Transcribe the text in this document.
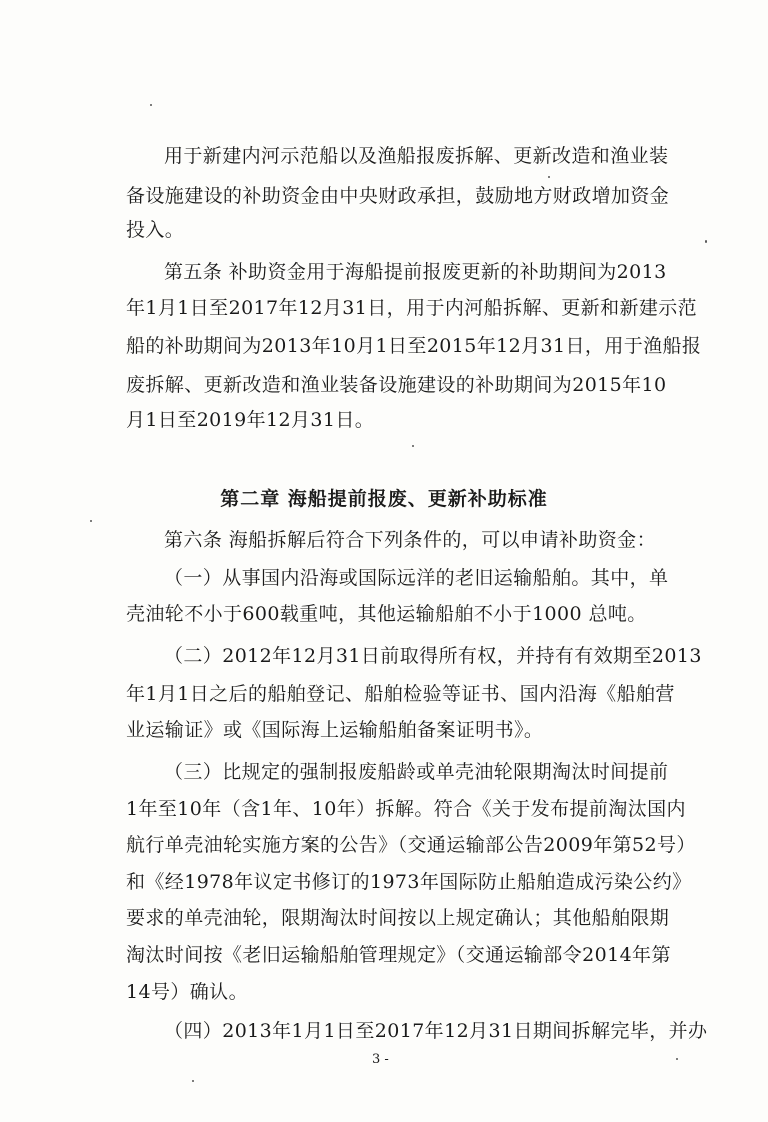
用于新建内河示范船以及渔船报废拆解、更新改造和渔业装
备设施建设的补助资金由中央财政承担，鼓励地方财政增加资金
投入。
第五条 补助资金用于海船提前报废更新的补助期间为2013
年1月1日至2017年12月31日，用于内河船拆解、更新和新建示范
船的补助期间为2013年10月1日至2015年12月31日，用于渔船报
废拆解、更新改造和渔业装备设施建设的补助期间为2015年10
月1日至2019年12月31日。
第二章 海船提前报废、更新补助标准
第六条 海船拆解后符合下列条件的，可以申请补助资金：
（一）从事国内沿海或国际远洋的老旧运输船舶。其中，单
壳油轮不小于600载重吨，其他运输船舶不小于1000 总吨。
（二）2012年12月31日前取得所有权，并持有有效期至2013
年1月1日之后的船舶登记、船舶检验等证书、国内沿海《船舶营
业运输证》或《国际海上运输船舶备案证明书》。
（三）比规定的强制报废船龄或单壳油轮限期淘汰时间提前
1年至10年（含1年、10年）拆解。符合《关于发布提前淘汰国内
航行单壳油轮实施方案的公告》（交通运输部公告2009年第52号）
和《经1978年议定书修订的1973年国际防止船舶造成污染公约》
要求的单壳油轮，限期淘汰时间按以上规定确认；其他船舶限期
淘汰时间按《老旧运输船舶管理规定》（交通运输部令2014年第
14号）确认。
（四）2013年1月1日至2017年12月31日期间拆解完毕，并办
3 -
